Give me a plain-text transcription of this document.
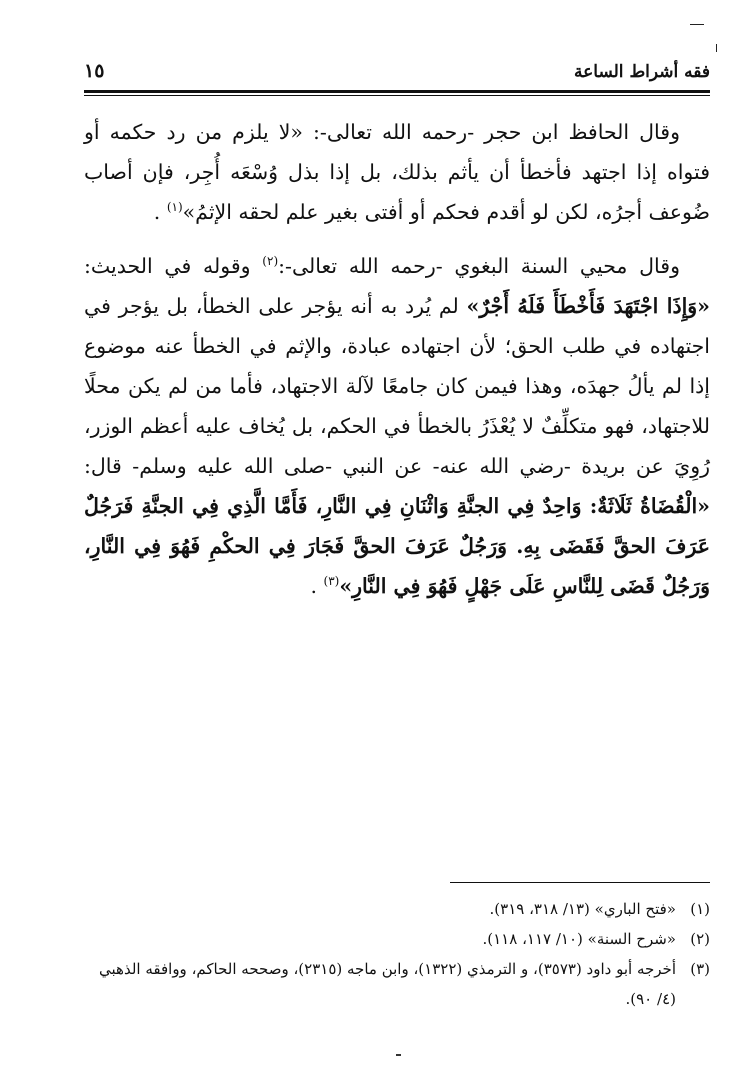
فقه أشراط الساعة
١٥

وقال الحافظ ابن حجر -رحمه الله تعالى-: «لا يلزم من رد حكمه أو فتواه إذا اجتهد فأخطأ أن يأثم بذلك، بل إذا بذل وُسْعَه أُجِر، فإن أصاب ضُوعف أجرُه، لكن لو أقدم فحكم أو أفتى بغير علم لحقه الإثمُ»$^{(١)}$ .

وقال محيي السنة البغوي -رحمه الله تعالى-:$^{(٢)}$ وقوله في الحديث: «وَإِذَا اجْتَهَدَ فَأَخْطَأَ فَلَهُ أَجْرٌ» لم يُرد به أنه يؤجر على الخطأ، بل يؤجر في اجتهاده في طلب الحق؛ لأن اجتهاده عبادة، والإثم في الخطأ عنه موضوع إذا لم يألُ جهدَه، وهذا فيمن كان جامعًا لآلة الاجتهاد، فأما من لم يكن محلًا للاجتهاد، فهو متكلِّفٌ لا يُعْذَرُ بالخطأ في الحكم، بل يُخاف عليه أعظم الوزر، رُوِيَ عن بريدة -رضي الله عنه- عن النبي -صلى الله عليه وسلم- قال: «الْقُضَاةُ ثَلَاثَةٌ: وَاحِدٌ فِي الجنَّةِ وَاثْنَانِ فِي النَّارِ، فَأَمَّا الَّذِي فِي الجنَّةِ فَرَجُلٌ عَرَفَ الحقَّ فَقَضَى بِهِ. وَرَجُلٌ عَرَفَ الحقَّ فَجَارَ فِي الحكْمِ فَهُوَ فِي النَّارِ، وَرَجُلٌ قَضَى لِلنَّاسِ عَلَى جَهْلٍ فَهُوَ فِي النَّارِ»$^{(٣)}$ .

(١)
«فتح الباري» (١٣/ ٣١٨، ٣١٩).
(٢)
«شرح السنة» (١٠/ ١١٧، ١١٨).
(٣)
أخرجه أبو داود (٣٥٧٣)، و الترمذي (١٣٢٢)، وابن ماجه (٢٣١٥)، وصححه الحاكم، ووافقه الذهبي (٤/ ٩٠).
